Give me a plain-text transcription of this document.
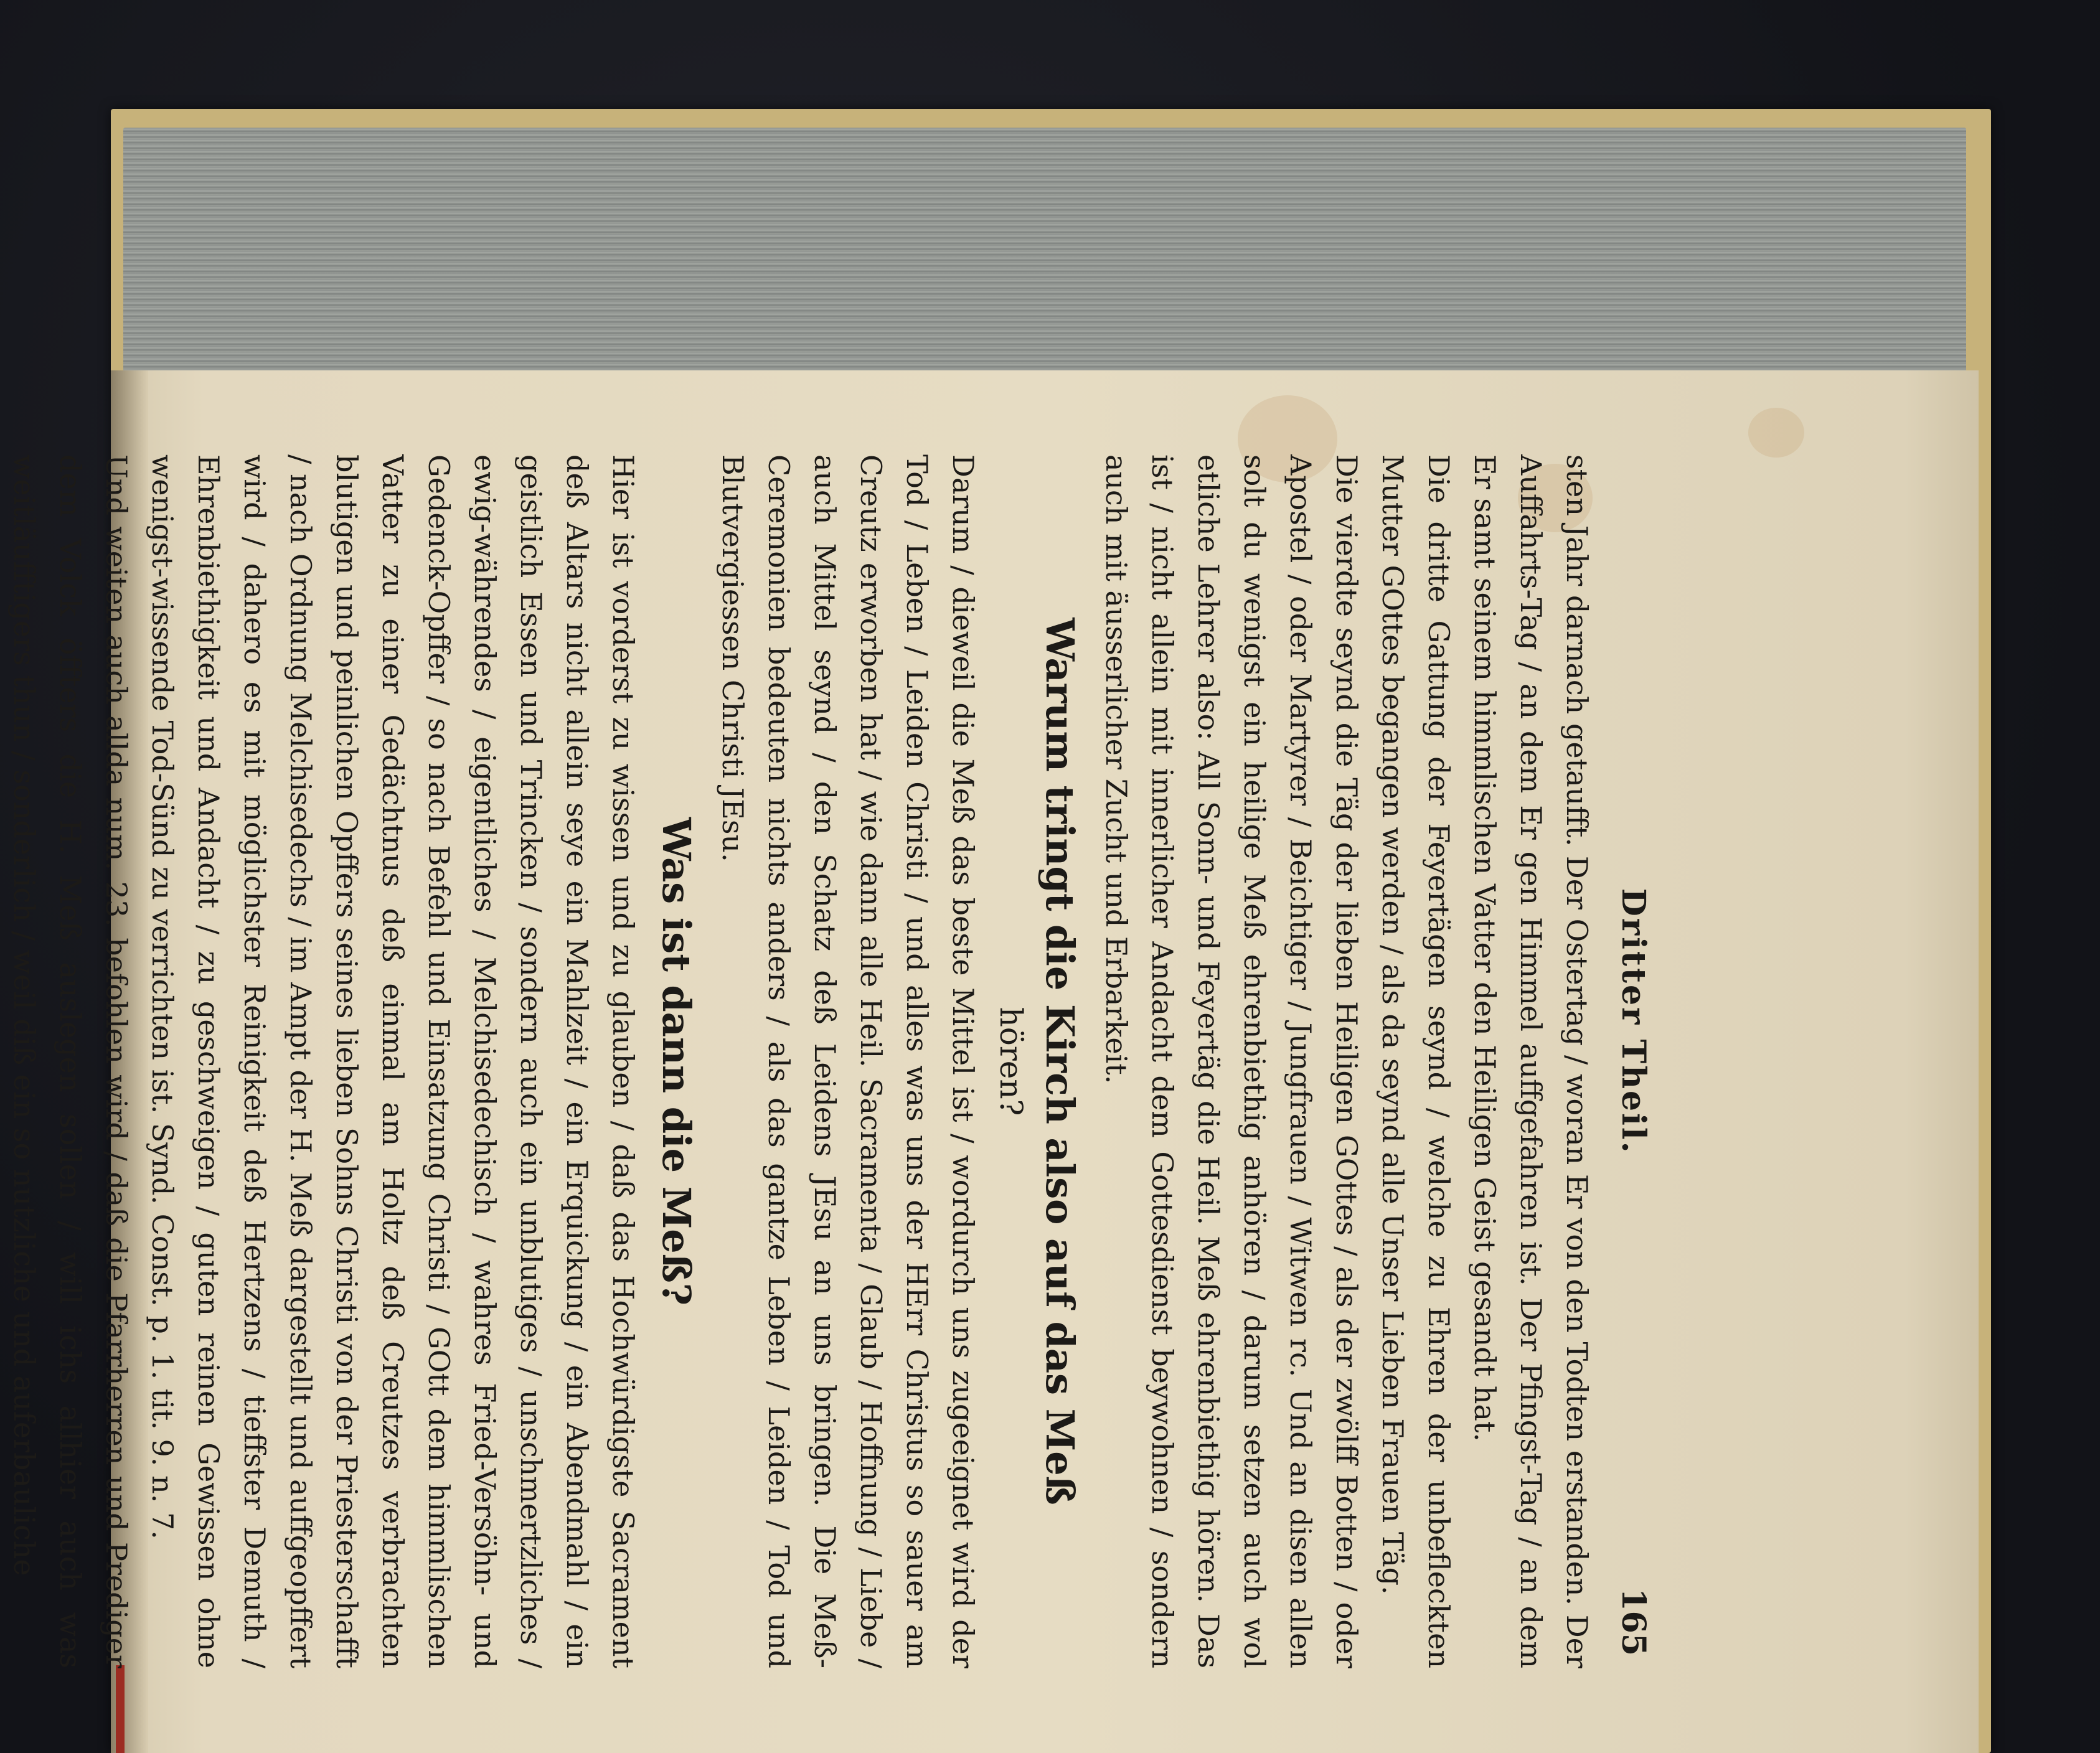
Dritter Theil.
165

sten Jahr darnach getaufft. Der Ostertag / woran Er von den Todten erstanden. Der Auffahrts-Tag / an dem Er gen Himmel auffgefahren ist. Der Pfingst-Tag / an dem Er samt seinem himmlischen Vatter den Heiligen Geist gesandt hat.

Die dritte Gattung der Feyertägen seynd / welche zu Ehren der unbefleckten Mutter GOttes begangen werden / als da seynd alle Unser Lieben Frauen Täg.

Die vierdte seynd die Täg der lieben Heiligen GOttes / als der zwölff Botten / oder Apostel / oder Martyrer / Beichtiger / Jungfrauen / Witwen rc. Und an disen allen solt du wenigst ein heilige Meß ehrenbiethig anhören / darum setzen auch wol etliche Lehrer also: All Sonn- und Feyertäg die Heil. Meß ehrenbiethig hören. Das ist / nicht allein mit innerlicher Andacht dem Gottesdienst beywohnen / sondern auch mit äusserlicher Zucht und Erbarkeit.

Warum tringt die Kirch also auf das Meß
hören?

Darum / dieweil die Meß das beste Mittel ist / wordurch uns zugeeignet wird der Tod / Leben / Leiden Christi / und alles was uns der HErr Christus so sauer am Creutz erworben hat / wie dann alle Heil. Sacramenta / Glaub / Hoffnung / Liebe / auch Mittel seynd / den Schatz deß Leidens JEsu an uns bringen. Die Meß-Ceremonien bedeuten nichts anders / als das gantze Leben / Leiden / Tod und Blutvergiessen Christi JEsu.

Was ist dann die Meß?

Hier ist vorderst zu wissen und zu glauben / daß das Hochwürdigste Sacrament deß Altars nicht allein seye ein Mahlzeit / ein Erquickung / ein Abendmahl / ein geistlich Essen und Trincken / sondern auch ein unblutiges / unschmertzliches / ewig-währendes / eigentliches / Melchisedechisch / wahres Fried-Versöhn- und Gedenck-Opffer / so nach Befehl und Einsatzung Christi / GOtt dem himmlischen Vatter zu einer Gedächtnus deß einmal am Holtz deß Creutzes verbrachten blutigen und peinlichen Opffers seines lieben Sohns Christi von der Priesterschafft / nach Ordnung Melchisedechs / im Ampt der H. Meß dargestellt und auffgeopffert wird / dahero es mit möglichster Reinigkeit deß Hertzens / tieffster Demuth / Ehrenbiethigkeit und Andacht / zu geschweigen / guten reinen Gewissen ohne wenigst-wissende Tod-Sünd zu verrichten ist. Synd. Const. p. 1. tit. 9. n. 7.

Und weiten auch allda num. 23. befohlen wird / daß die Pfarrherren und Prediger dem Volck öffters die H. Meß auslegen sollen / will ichs allhier auch was weitläufftigers thun / sonderlich / weil diß ein so nutzliche und auferbauliche
